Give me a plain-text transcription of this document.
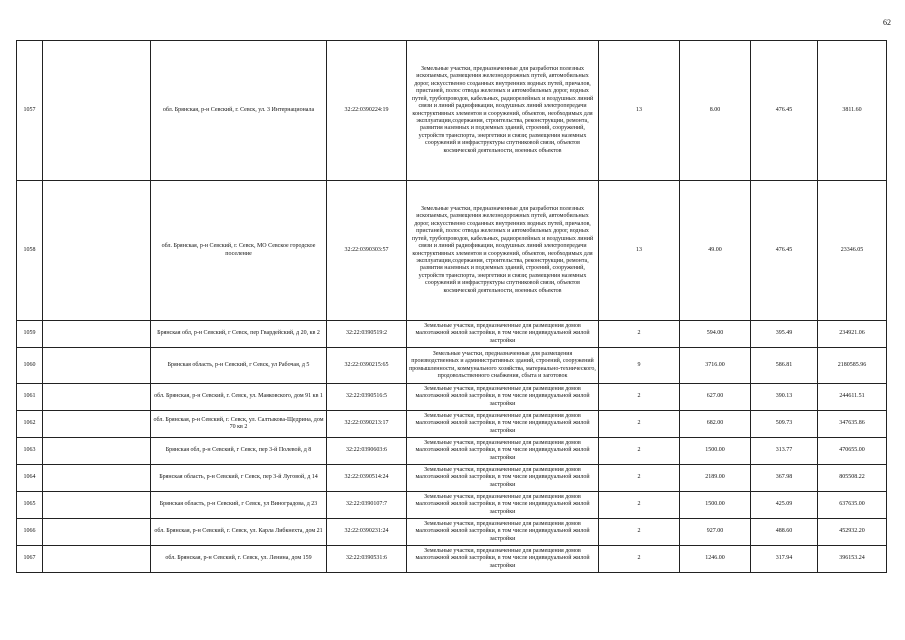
62
1057		обл. Брянская, р-н Севский, г. Севск, ул. 3 Интернационала	32:22:0390224:19	Земельные участки, предназначенные для разработки полезных ископаемых, размещения железнодорожных путей, автомобильных дорог, искусственно созданных внутренних водных путей, причалов, пристаней, полос отвода железных и автомобильных дорог, водных путей, трубопроводов, кабельных, радиорелейных и воздушных линий связи и линий радиофикации, воздушных линий электропередачи конструктивных элементов и сооружений, объектов, необходимых для эксплуатации,содержания, строительства, реконструкции, ремонта, развития наземных и подземных зданий, строений, сооружений, устройств транспорта, энергетики и связи; размещения наземных сооружений и инфраструктуры спутниковой связи, объектов космической деятельности, военных объектов	13	8.00	476.45	3811.60
1058		обл. Брянская, р-н Севский, г. Севск, МО Севское городское поселение	32:22:0390303:57	Земельные участки, предназначенные для разработки полезных ископаемых, размещения железнодорожных путей, автомобильных дорог, искусственно созданных внутренних водных путей, причалов, пристаней, полос отвода железных и автомобильных дорог, водных путей, трубопроводов, кабельных, радиорелейных и воздушных линий связи и линий радиофикации, воздушных линий электропередачи конструктивных элементов и сооружений, объектов, необходимых для эксплуатации,содержания, строительства, реконструкции, ремонта, развития наземных и подземных зданий, строений, сооружений, устройств транспорта, энергетики и связи; размещения наземных сооружений и инфраструктуры спутниковой связи, объектов космической деятельности, военных объектов	13	49.00	476.45	23346.05
1059		Брянская обл, р-н Севский, г Севск, пер Гвардейский, д 20, кв 2	32:22:0390519:2	Земельные участки, предназначенные для размещения домов малоэтажной жилой застройки, в том числе индивидуальной жилой застройки	2	594.00	395.49	234921.06
1060		Брянская область, р-н Севский, г Севск, ул Рабочая, д 5	32:22:0390215:65	Земельные участки, предназначенные для размещения производственных и административных зданий, строений, сооружений промышленности, коммунального хозяйства, материально-технического, продовольственного снабжения, сбыта и заготовок	9	3716.00	586.81	2180585.96
1061		обл. Брянская, р-н Севский, г. Севск, ул. Маяковского, дом 91 кв 1	32:22:0390516:5	Земельные участки, предназначенные для размещения домов малоэтажной жилой застройки, в том числе индивидуальной жилой застройки	2	627.00	390.13	244611.51
1062		обл. Брянская, р-н Севский, г. Севск, ул. Салтыкова-Щедрина, дом 70 кв 2	32:22:0390213:17	Земельные участки, предназначенные для размещения домов малоэтажной жилой застройки, в том числе индивидуальной жилой застройки	2	682.00	509.73	347635.86
1063		Брянская обл, р-н Севский, г Севск, пер 3-й Полевой, д 8	32:22:0390603:6	Земельные участки, предназначенные для размещения домов малоэтажной жилой застройки, в том числе индивидуальной жилой застройки	2	1500.00	313.77	470655.00
1064		Брянская область, р-н Севский, г Севск, пер 3-й Луговой, д 14	32:22:0390514:24	Земельные участки, предназначенные для размещения домов малоэтажной жилой застройки, в том числе индивидуальной жилой застройки	2	2189.00	367.98	805508.22
1065		Брянская область, р-н Севский, г Севск, ул Виноградова, д 23	32:22:0390107:7	Земельные участки, предназначенные для размещения домов малоэтажной жилой застройки, в том числе индивидуальной жилой застройки	2	1500.00	425.09	637635.00
1066		обл. Брянская, р-н Севский, г. Севск, ул. Карла Либкнехта, дом 21	32:22:0390231:24	Земельные участки, предназначенные для размещения домов малоэтажной жилой застройки, в том числе индивидуальной жилой застройки	2	927.00	488.60	452932.20
1067		обл. Брянская, р-н Севский, г. Севск, ул. Ленина, дом 159	32:22:0390531:6	Земельные участки, предназначенные для размещения домов малоэтажной жилой застройки, в том числе индивидуальной жилой застройки	2	1246.00	317.94	396153.24
